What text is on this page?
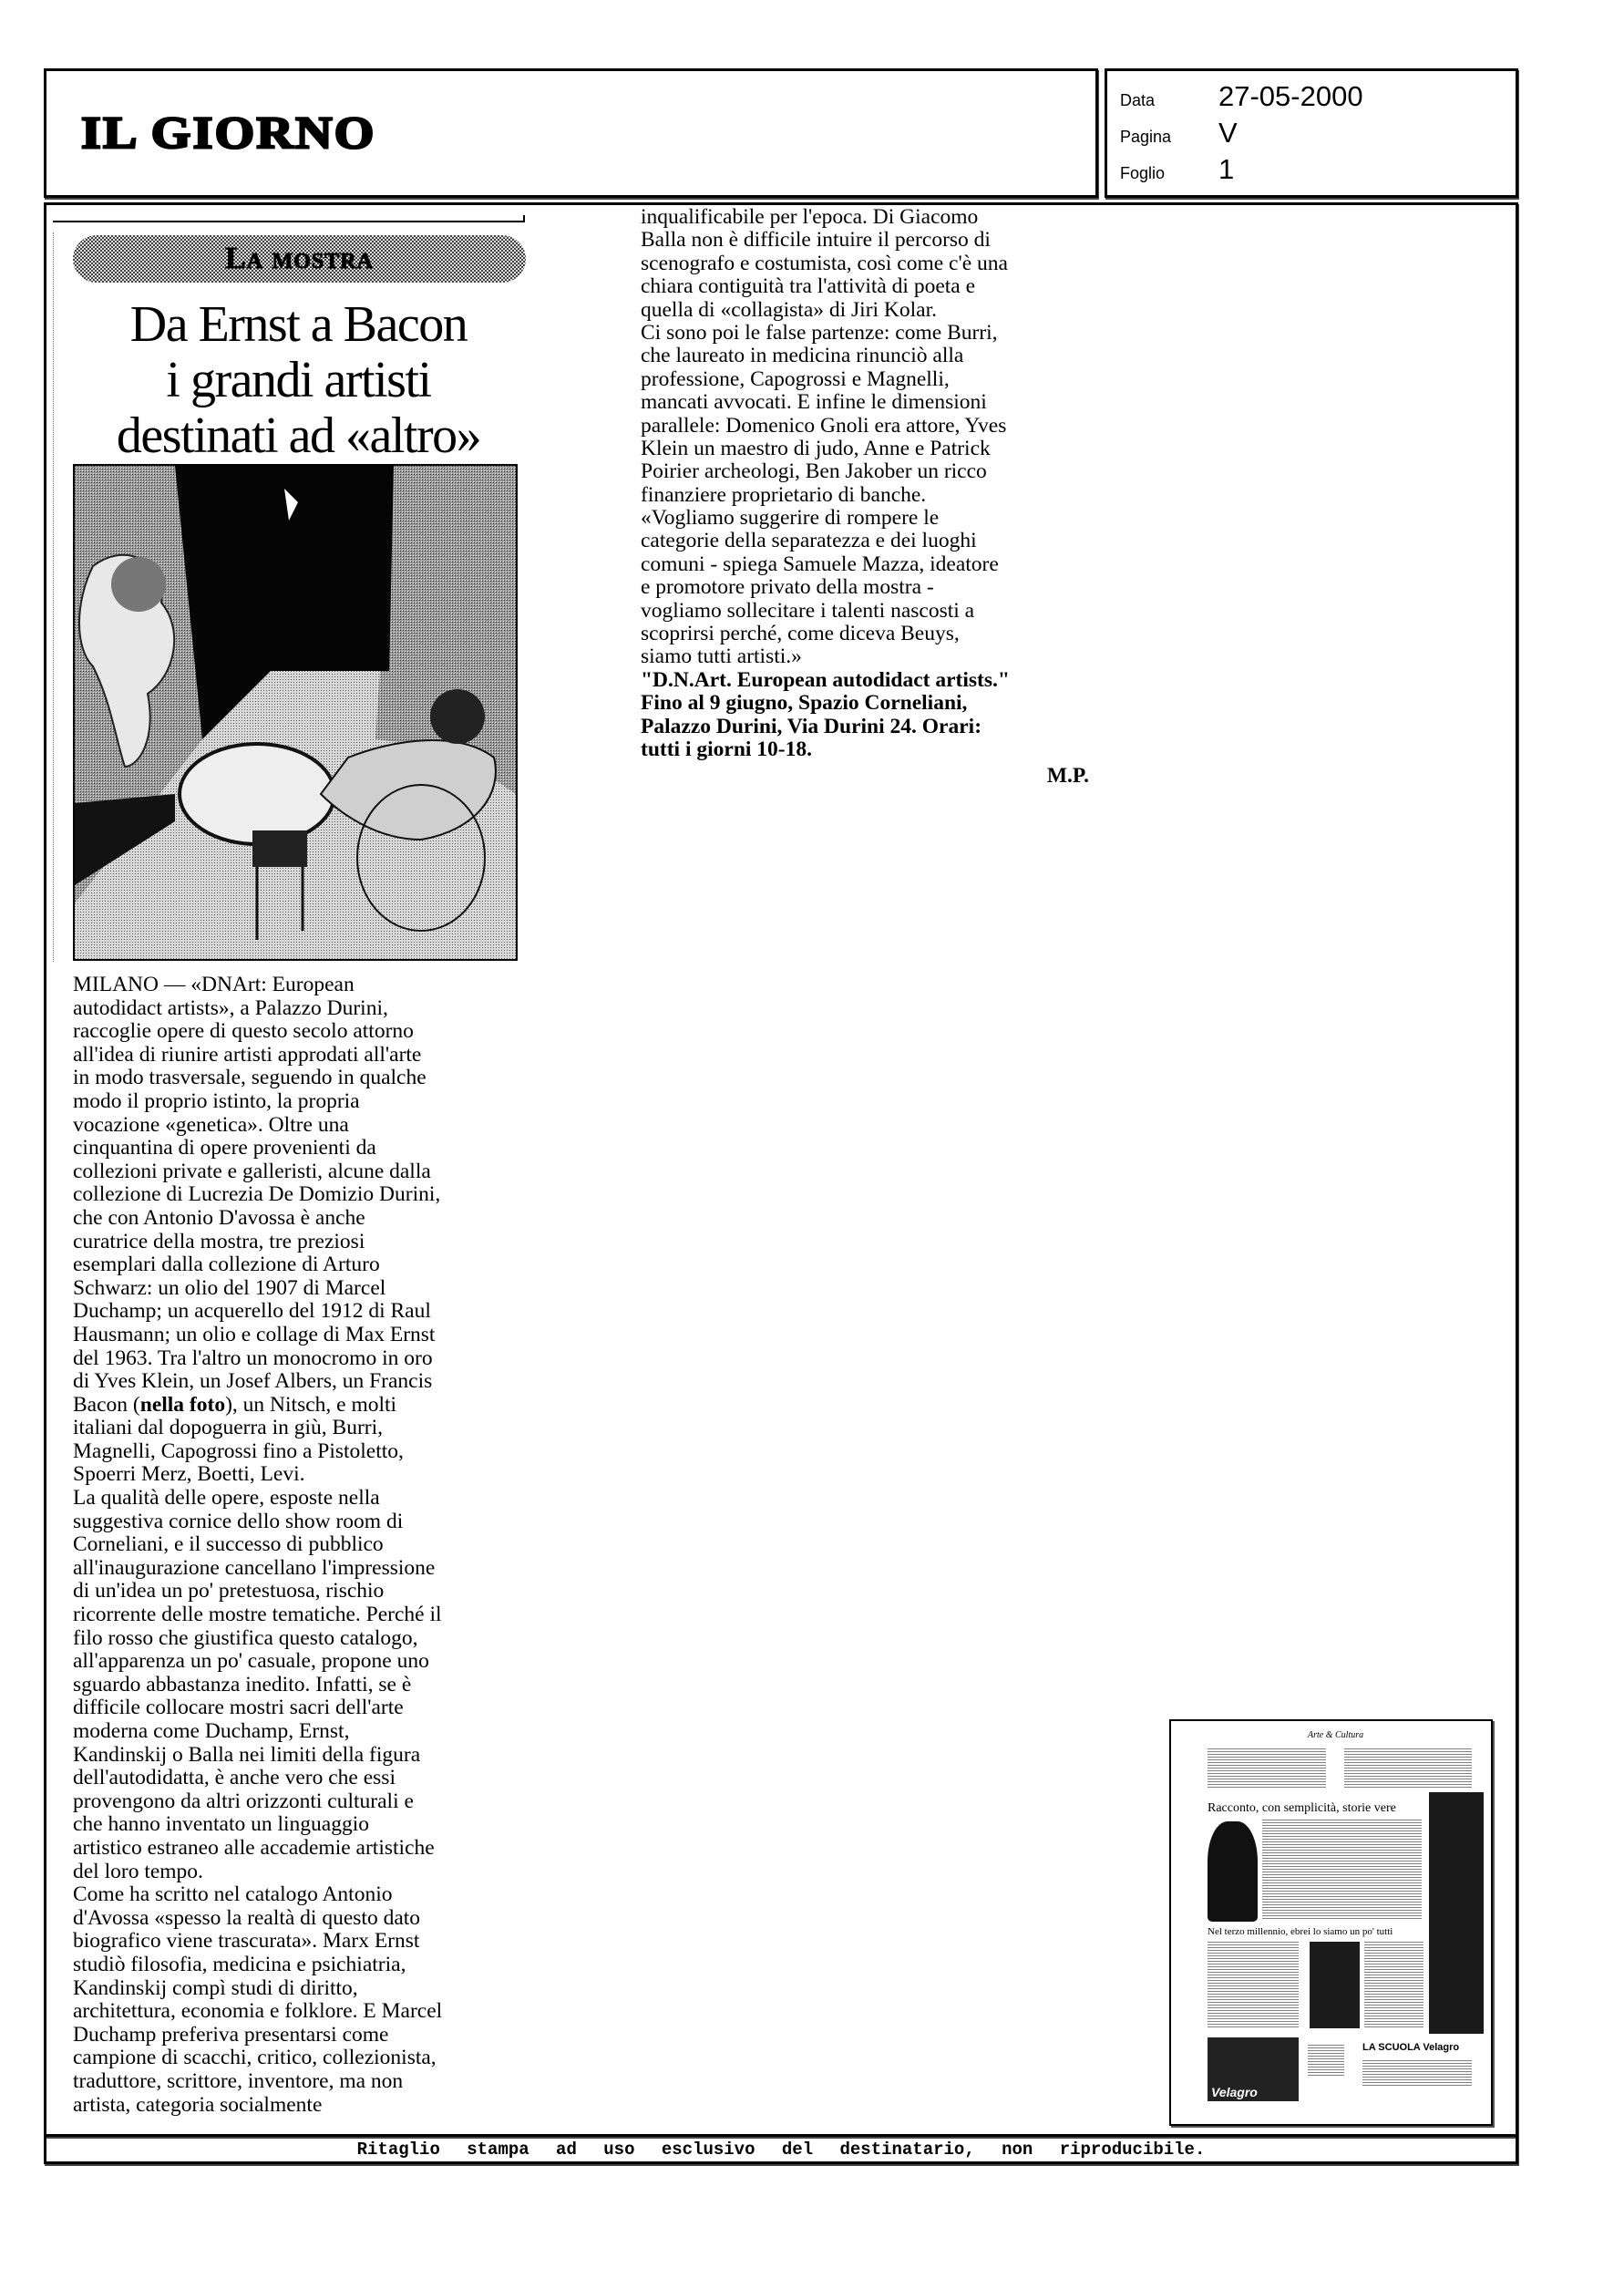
IL GIORNO
Data	27-05-2000
Pagina	V
Foglio	1
La mostra
Da Ernst a Bacon
i grandi artisti
destinati ad «altro»
MILANO — «DNArt: European
autodidact artists», a Palazzo Durini,
raccoglie opere di questo secolo attorno
all'idea di riunire artisti approdati all'arte
in modo trasversale, seguendo in qualche
modo il proprio istinto, la propria
vocazione «genetica». Oltre una
cinquantina di opere provenienti da
collezioni private e galleristi, alcune dalla
collezione di Lucrezia De Domizio Durini,
che con Antonio D'avossa è anche
curatrice della mostra, tre preziosi
esemplari dalla collezione di Arturo
Schwarz: un olio del 1907 di Marcel
Duchamp; un acquerello del 1912 di Raul
Hausmann; un olio e collage di Max Ernst
del 1963. Tra l'altro un monocromo in oro
di Yves Klein, un Josef Albers, un Francis
Bacon (nella foto), un Nitsch, e molti
italiani dal dopoguerra in giù, Burri,
Magnelli, Capogrossi fino a Pistoletto,
Spoerri Merz, Boetti, Levi.
La qualità delle opere, esposte nella
suggestiva cornice dello show room di
Corneliani, e il successo di pubblico
all'inaugurazione cancellano l'impressione
di un'idea un po' pretestuosa, rischio
ricorrente delle mostre tematiche. Perché il
filo rosso che giustifica questo catalogo,
all'apparenza un po' casuale, propone uno
sguardo abbastanza inedito. Infatti, se è
difficile collocare mostri sacri dell'arte
moderna come Duchamp, Ernst,
Kandinskij o Balla nei limiti della figura
dell'autodidatta, è anche vero che essi
provengono da altri orizzonti culturali e
che hanno inventato un linguaggio
artistico estraneo alle accademie artistiche
del loro tempo.
Come ha scritto nel catalogo Antonio
d'Avossa «spesso la realtà di questo dato
biografico viene trascurata». Marx Ernst
studiò filosofia, medicina e psichiatria,
Kandinskij compì studi di diritto,
architettura, economia e folklore. E Marcel
Duchamp preferiva presentarsi come
campione di scacchi, critico, collezionista,
traduttore, scrittore, inventore, ma non
artista, categoria socialmente
inqualificabile per l'epoca. Di Giacomo
Balla non è difficile intuire il percorso di
scenografo e costumista, così come c'è una
chiara contiguità tra l'attività di poeta e
quella di «collagista» di Jiri Kolar.
Ci sono poi le false partenze: come Burri,
che laureato in medicina rinunciò alla
professione, Capogrossi e Magnelli,
mancati avvocati. E infine le dimensioni
parallele: Domenico Gnoli era attore, Yves
Klein un maestro di judo, Anne e Patrick
Poirier archeologi, Ben Jakober un ricco
finanziere proprietario di banche.
«Vogliamo suggerire di rompere le
categorie della separatezza e dei luoghi
comuni - spiega Samuele Mazza, ideatore
e promotore privato della mostra -
vogliamo sollecitare i talenti nascosti a
scoprirsi perché, come diceva Beuys,
siamo tutti artisti.»
"D.N.Art. European autodidact artists."
Fino al 9 giugno, Spazio Corneliani,
Palazzo Durini, Via Durini 24. Orari:
tutti i giorni 10-18.
M.P.
Arte & Cultura
Racconto, con semplicità, storie vere
Nel terzo millennio, ebrei lo siamo un po' tutti
Velagro
LA SCUOLA Velagro
Ritaglio stampa ad uso esclusivo del destinatario, non riproducibile.
